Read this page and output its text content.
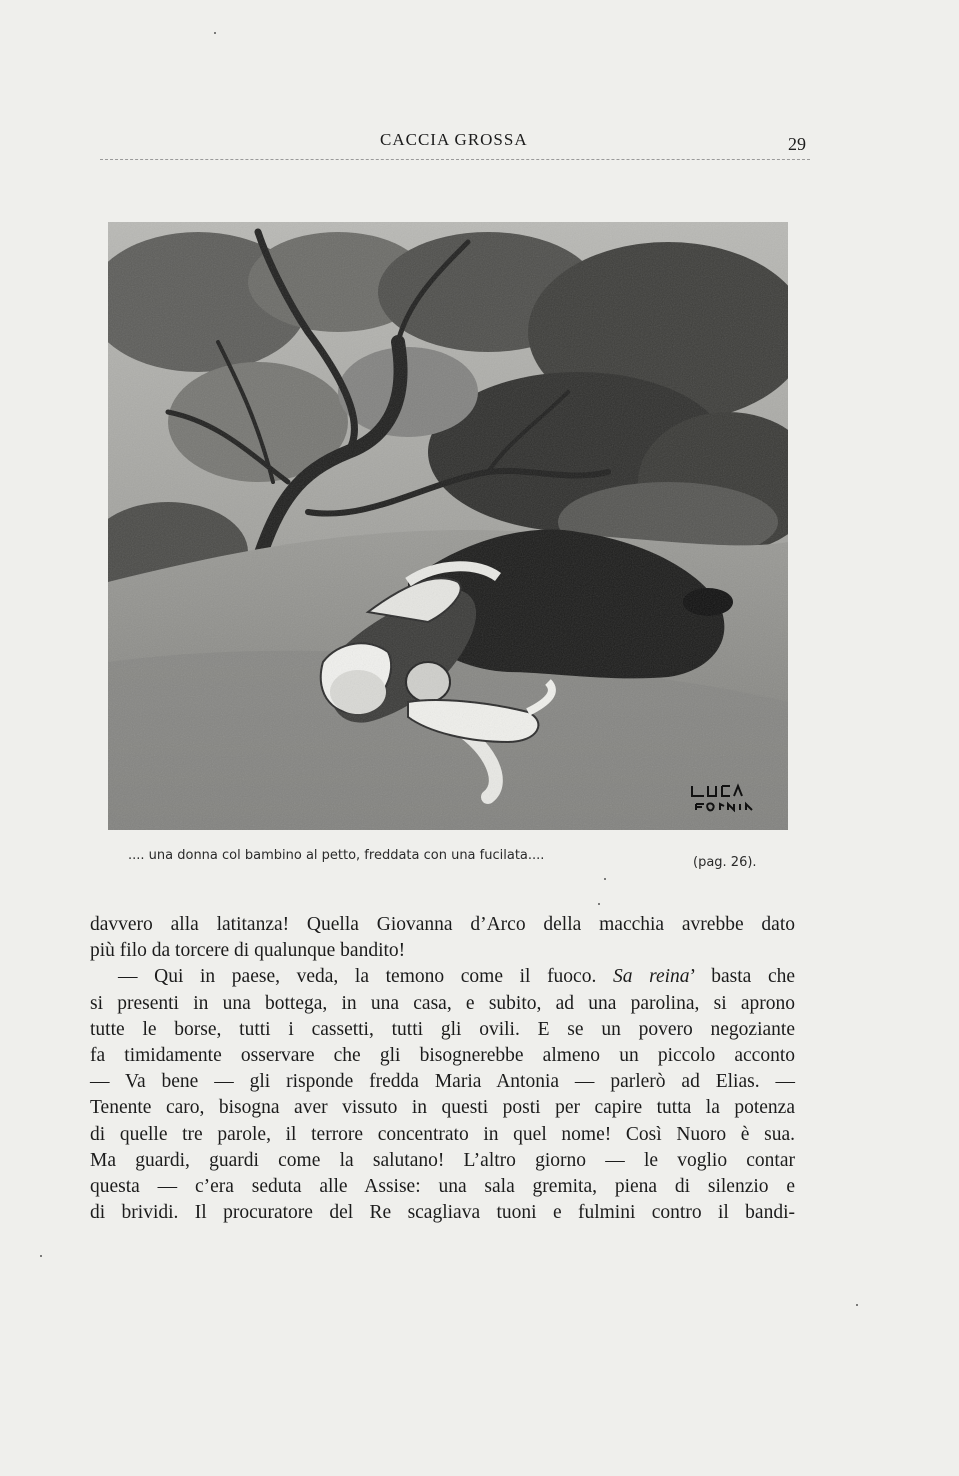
CACCIA GROSSA	29
.... una donna col bambino al petto, freddata con una fucilata....	(pag. 26).
davvero alla latitanza! Quella Giovanna d’Arco della macchia avrebbe dato
più filo da torcere di qualunque bandito!
— Qui in paese, veda, la temono come il fuoco. Sa reina’ basta che
si presenti in una bottega, in una casa, e subito, ad una parolina, si aprono
tutte le borse, tutti i cassetti, tutti gli ovili. E se un povero negoziante
fa timidamente osservare che gli bisognerebbe almeno un piccolo acconto
— Va bene — gli risponde fredda Maria Antonia — parlerò ad Elias. —
Tenente caro, bisogna aver vissuto in questi posti per capire tutta la potenza
di quelle tre parole, il terrore concentrato in quel nome! Così Nuoro è sua.
Ma guardi, guardi come la salutano! L’altro giorno — le voglio contar
questa — c’era seduta alle Assise: una sala gremita, piena di silenzio e
di brividi. Il procuratore del Re scagliava tuoni e fulmini contro il bandi-
